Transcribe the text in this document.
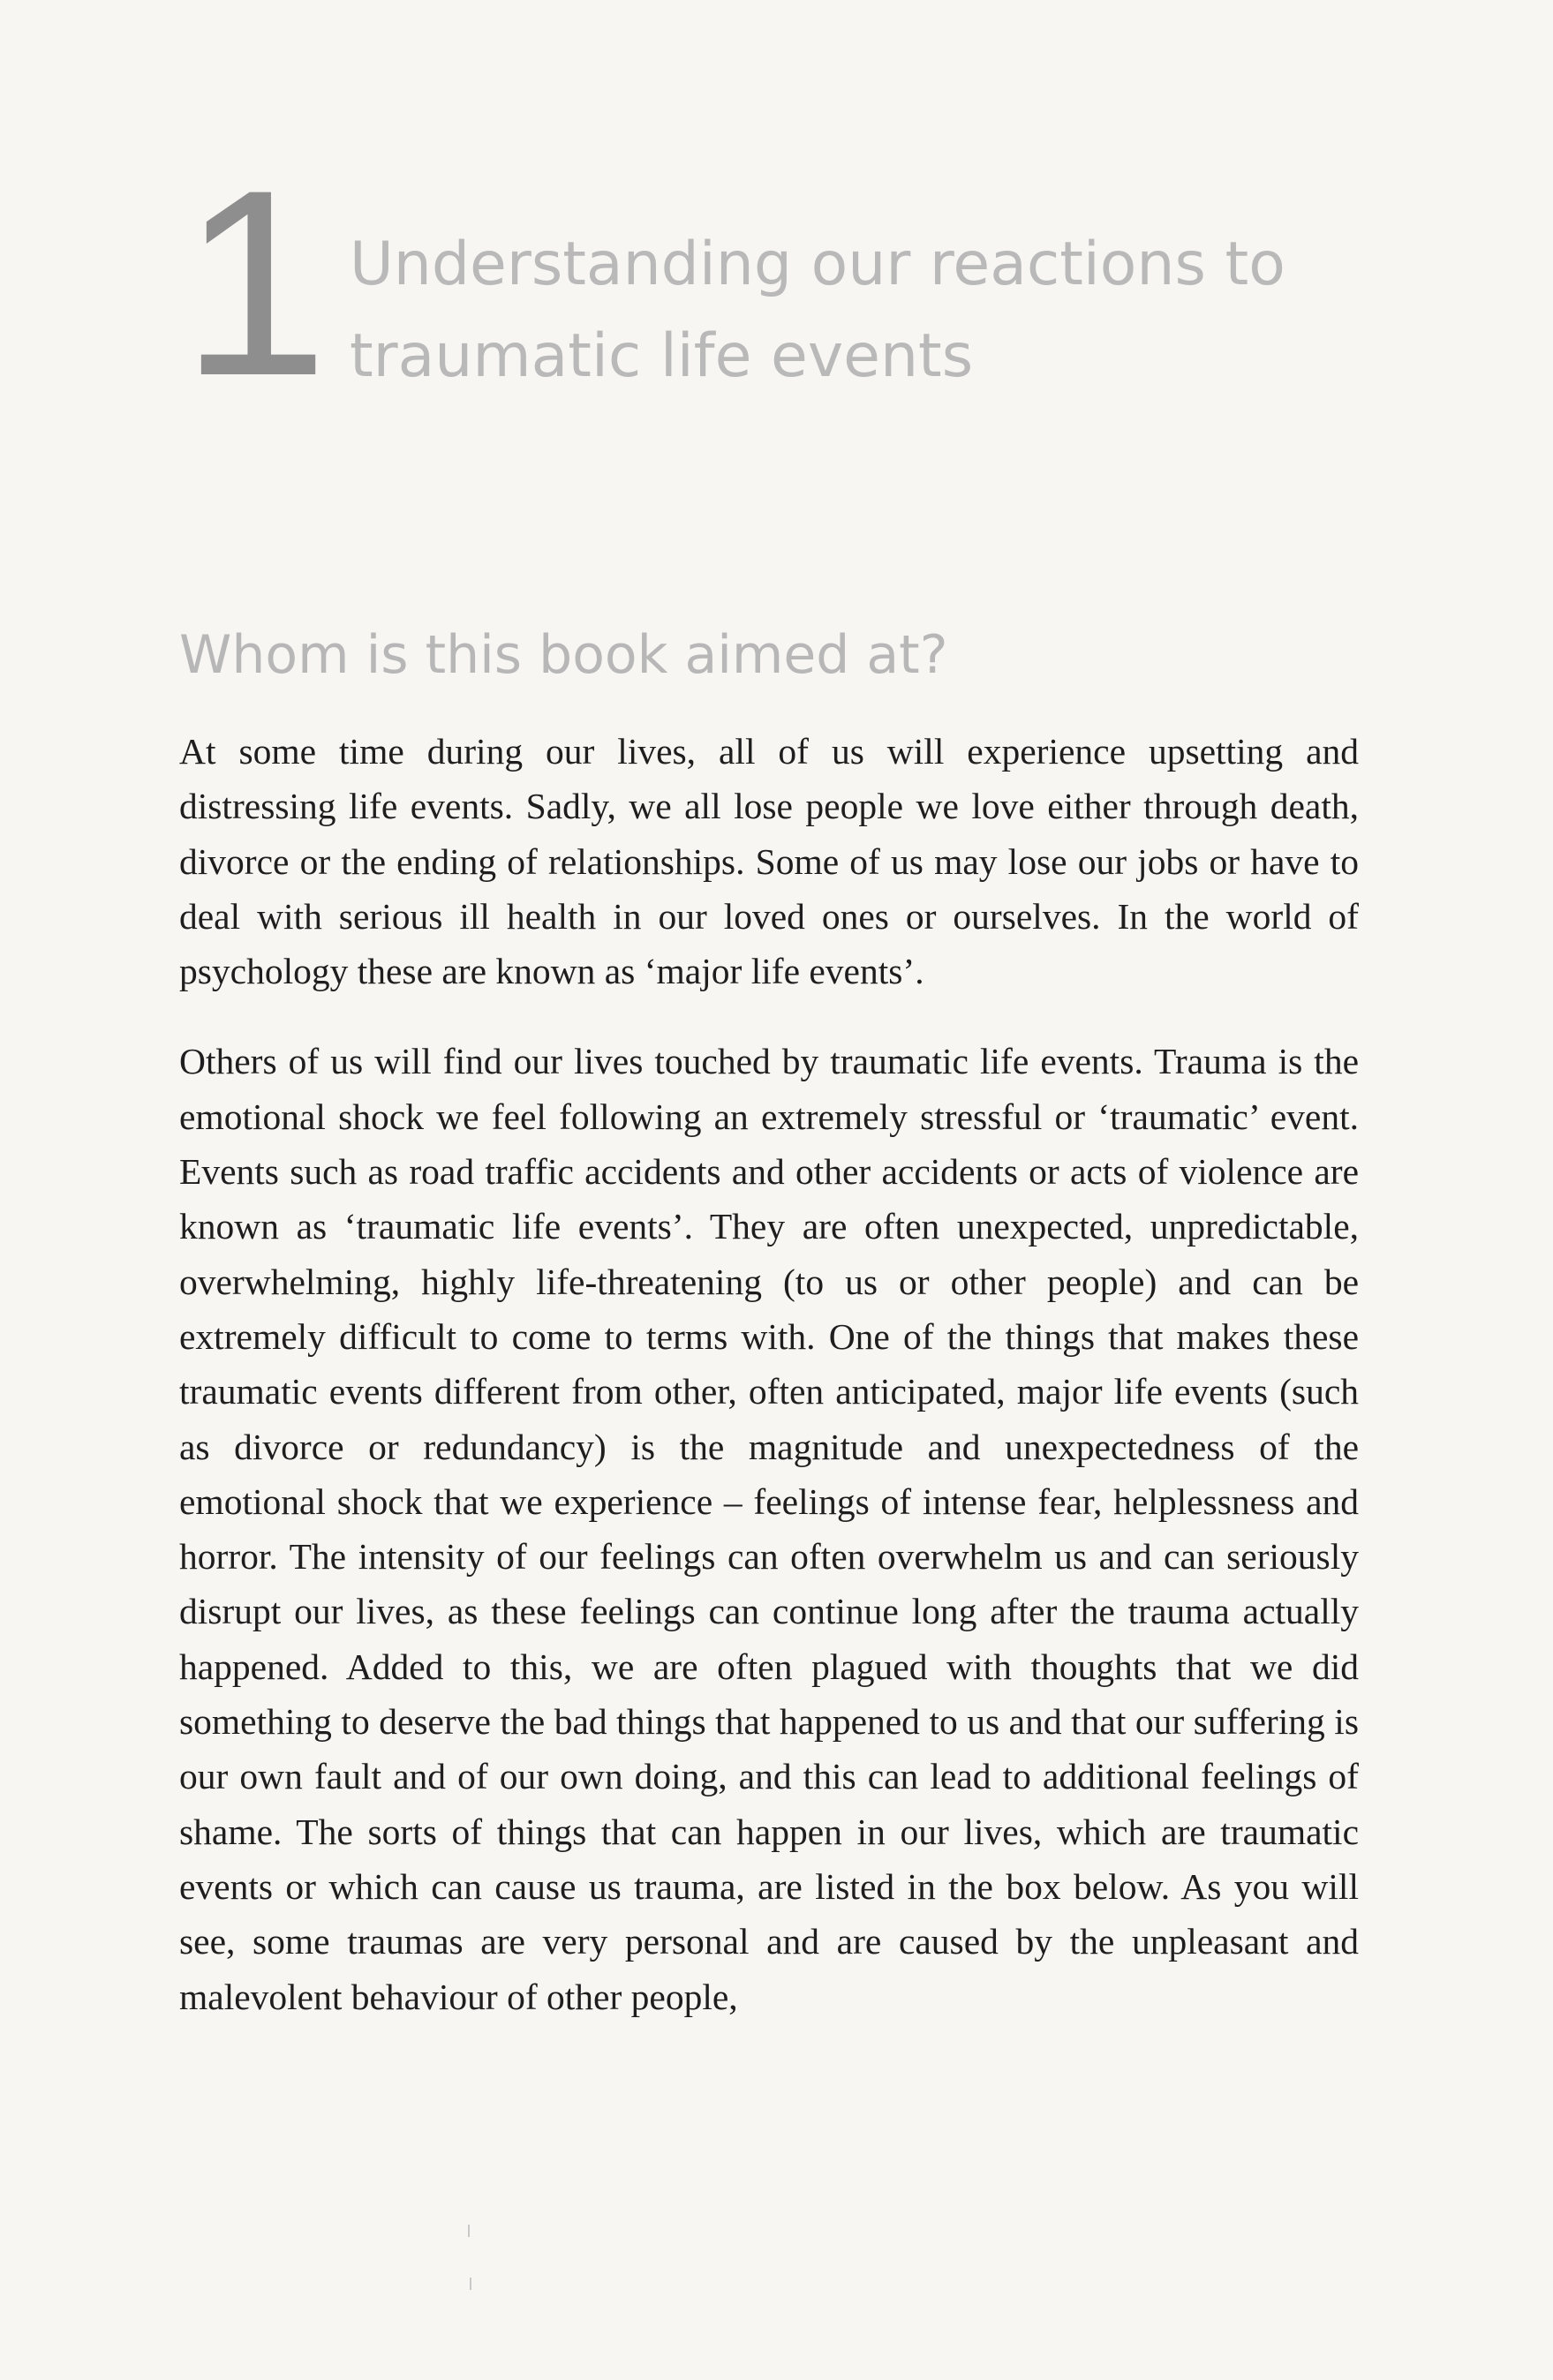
1 Understanding our reactions to
traumatic life events
Whom is this book aimed at?

At some time during our lives, all of us will experience upsetting and distressing life events. Sadly, we all lose people we love either through death, divorce or the ending of relationships. Some of us may lose our jobs or have to deal with serious ill health in our loved ones or ourselves. In the world of psychology these are known as ‘major life events’.

Others of us will find our lives touched by traumatic life events. Trauma is the emotional shock we feel following an extremely stressful or ‘traumatic’ event. Events such as road traffic accidents and other accidents or acts of violence are known as ‘traumatic life events’. They are often unexpected, unpredictable, overwhelming, highly life-threatening (to us or other people) and can be extremely difficult to come to terms with. One of the things that makes these traumatic events different from other, often anticipated, major life events (such as divorce or redundancy) is the magnitude and unexpectedness of the emotional shock that we experience – feelings of intense fear, helplessness and horror. The intensity of our feelings can often overwhelm us and can seriously disrupt our lives, as these feelings can continue long after the trauma actually happened. Added to this, we are often plagued with thoughts that we did something to deserve the bad things that happened to us and that our suffering is our own fault and of our own doing, and this can lead to additional feelings of shame. The sorts of things that can happen in our lives, which are traumatic events or which can cause us trauma, are listed in the box below. As you will see, some traumas are very personal and are caused by the unpleasant and malevolent behaviour of other people,
